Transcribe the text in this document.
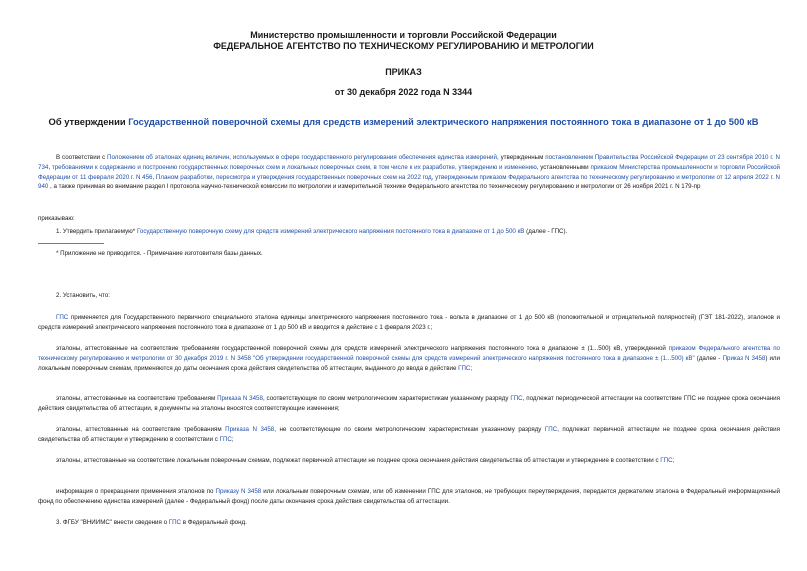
Министерство промышленности и торговли Российской Федерации
ФЕДЕРАЛЬНОЕ АГЕНТСТВО ПО ТЕХНИЧЕСКОМУ РЕГУЛИРОВАНИЮ И МЕТРОЛОГИИ
ПРИКАЗ
от 30 декабря 2022 года N 3344
Об утверждении Государственной поверочной схемы для средств измерений электрического напряжения постоянного тока в диапазоне от 1 до 500 кВ
В соответствии с Положением об эталонах единиц величин, используемых в сфере государственного регулирования обеспечения единства измерений, утвержденным постановлением Правительства Российской Федерации от 23 сентября 2010 г. N 734, требованиями к содержанию и построению государственных поверочных схем и локальных поверочных схем, в том числе к их разработке, утверждению и изменению, установленными приказом Министерства промышленности и торговли Российской Федерации от 11 февраля 2020 г. N 456, Планом разработки, пересмотра и утверждения государственных поверочных схем на 2022 год, утвержденным приказом Федерального агентства по техническому регулированию и метрологии от 12 апреля 2022 г. N 940 , а также принимая во внимание раздел I протокола научно-технической комиссии по метрологии и измерительной технике Федерального агентства по техническому регулированию и метрологии от 26 ноября 2021 г. N 179-пр
приказываю:
1. Утвердить прилагаемую* Государственную поверочную схему для средств измерений электрического напряжения постоянного тока в диапазоне от 1 до 500 кВ (далее - ГПС).
* Приложение не приводится. - Примечание изготовителя базы данных.
2. Установить, что:
ГПС применяется для Государственного первичного специального эталона единицы электрического напряжения постоянного тока - вольта в диапазоне от 1 до 500 кВ (положительной и отрицательной полярностей) (ГЭТ 181-2022), эталонов и средств измерений электрического напряжения постоянного тока в диапазоне от 1 до 500 кВ и вводится в действие с 1 февраля 2023 г.;
эталоны, аттестованные на соответствие требованиям государственной поверочной схемы для средств измерений электрического напряжения постоянного тока в диапазоне ± (1...500) кВ, утвержденной приказом Федерального агентства по техническому регулированию и метрологии от 30 декабря 2019 г. N 3458 "Об утверждении государственной поверочной схемы для средств измерений электрического напряжения постоянного тока в диапазоне ± (1...500) кВ" (далее - Приказ N 3458) или локальным поверочным схемам, применяются до даты окончания срока действия свидетельства об аттестации, выданного до ввода в действие ГПС;
эталоны, аттестованные на соответствие требованиям Приказа N 3458, соответствующие по своим метрологическим характеристикам указанному разряду ГПС, подлежат периодической аттестации на соответствие ГПС не позднее срока окончания действия свидетельства об аттестации, в документы на эталоны вносятся соответствующие изменения;
эталоны, аттестованные на соответствие требованиям Приказа N 3458, не соответствующие по своим метрологическим характеристикам указанному разряду ГПС, подлежат первичной аттестации не позднее срока окончания действия свидетельства об аттестации и утверждению в соответствии с ГПС;
эталоны, аттестованные на соответствие локальным поверочным схемам, подлежат первичной аттестации не позднее срока окончания действия свидетельства об аттестации и утверждение в соответствии с ГПС;
информация о прекращении применения эталонов по Приказу N 3458 или локальным поверочным схемам, или об изменении ГПС для эталонов, не требующих переутверждения, передается держателем эталона в Федеральный информационный фонд по обеспечению единства измерений (далее - Федеральный фонд) после даты окончания срока действия свидетельства об аттестации.
3. ФГБУ "ВНИИМС" внести сведения о ГПС в Федеральный фонд.
